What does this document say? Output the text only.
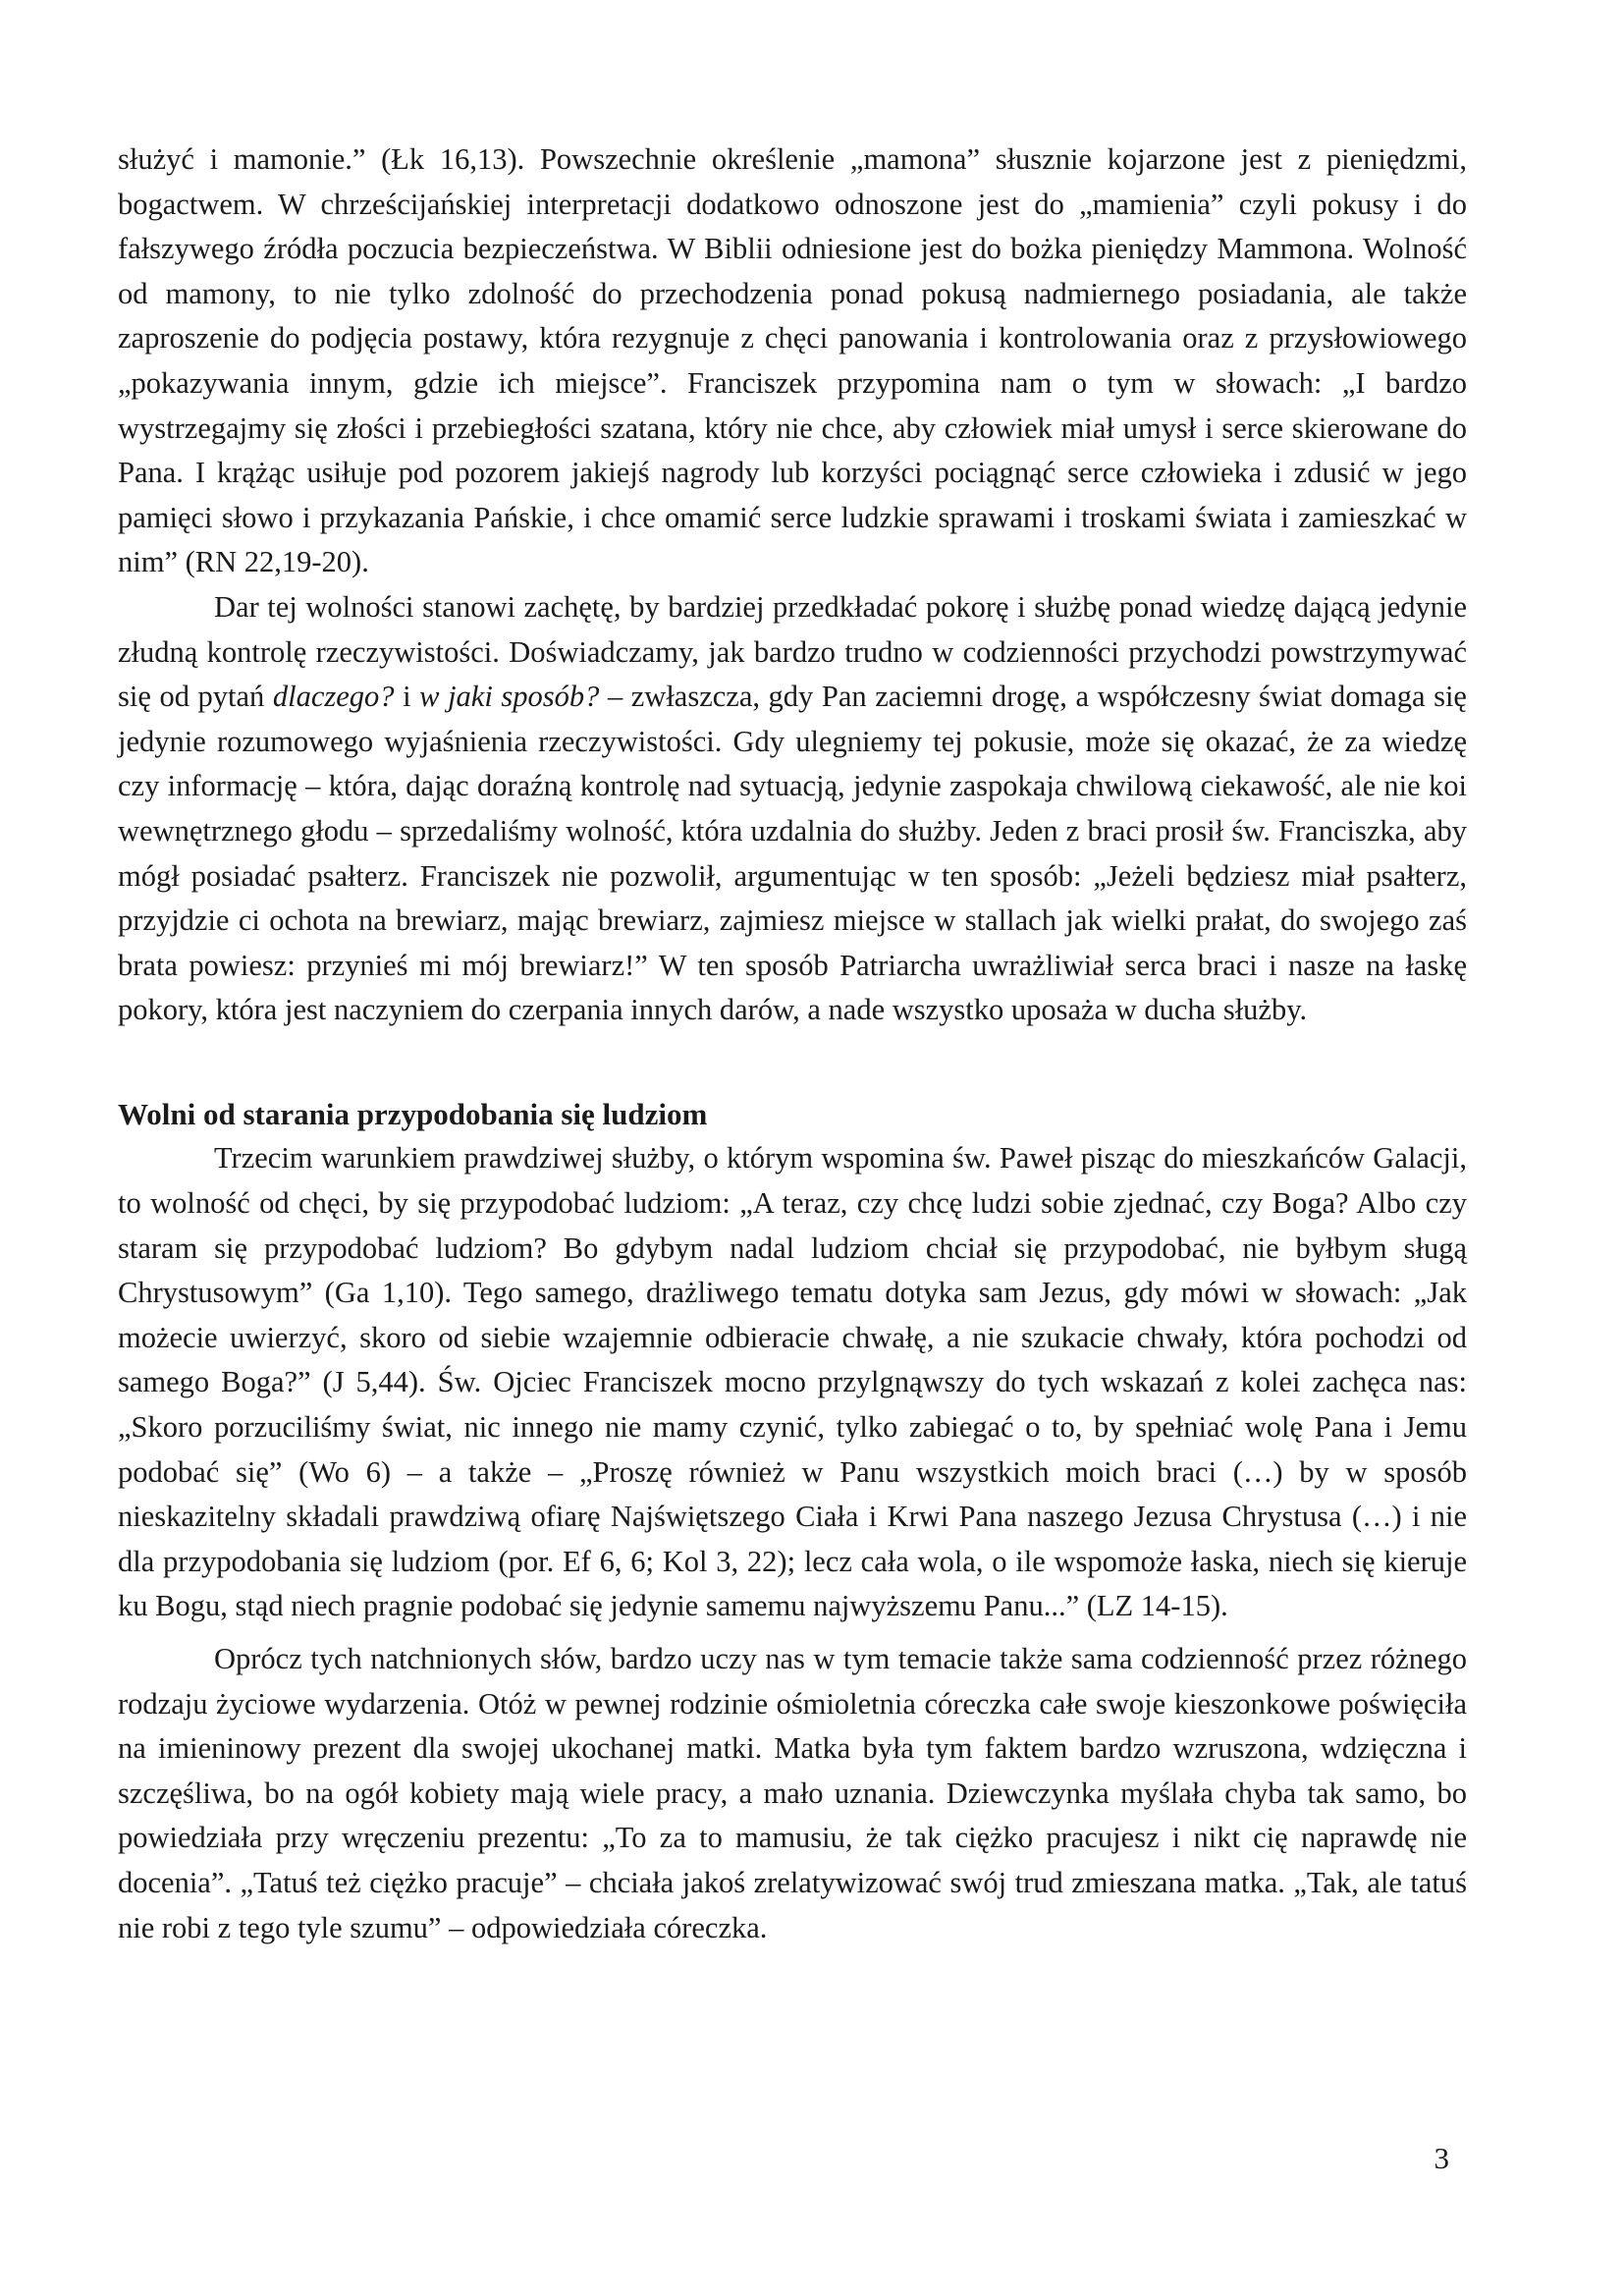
służyć i mamonie.” (Łk 16,13). Powszechnie określenie „mamona” słusznie kojarzone jest z pieniędzmi, bogactwem. W chrześcijańskiej interpretacji dodatkowo odnoszone jest do „mamienia” czyli pokusy i do fałszywego źródła poczucia bezpieczeństwa. W Biblii odniesione jest do bożka pieniędzy Mammona. Wolność od mamony, to nie tylko zdolność do przechodzenia ponad pokusą nadmiernego posiadania, ale także zaproszenie do podjęcia postawy, która rezygnuje z chęci panowania i kontrolowania oraz z przysłowiowego „pokazywania innym, gdzie ich miejsce”. Franciszek przypomina nam o tym w słowach: „I bardzo wystrzegajmy się złości i przebiegłości szatana, który nie chce, aby człowiek miał umysł i serce skierowane do Pana. I krążąc usiłuje pod pozorem jakiejś nagrody lub korzyści pociągnąć serce człowieka i zdusić w jego pamięci słowo i przykazania Pańskie, i chce omamić serce ludzkie sprawami i troskami świata i zamieszkać w nim” (RN 22,19-20).

Dar tej wolności stanowi zachętę, by bardziej przedkładać pokorę i służbę ponad wiedzę dającą jedynie złudną kontrolę rzeczywistości. Doświadczamy, jak bardzo trudno w codzienności przychodzi powstrzymywać się od pytań dlaczego? i w jaki sposób? – zwłaszcza, gdy Pan zaciemni drogę, a współczesny świat domaga się jedynie rozumowego wyjaśnienia rzeczywistości. Gdy ulegniemy tej pokusie, może się okazać, że za wiedzę czy informację – która, dając doraźną kontrolę nad sytuacją, jedynie zaspokaja chwilową ciekawość, ale nie koi wewnętrznego głodu – sprzedaliśmy wolność, która uzdalnia do służby. Jeden z braci prosił św. Franciszka, aby mógł posiadać psałterz. Franciszek nie pozwolił, argumentując w ten sposób: „Jeżeli będziesz miał psałterz, przyjdzie ci ochota na brewiarz, mając brewiarz, zajmiesz miejsce w stallach jak wielki prałat, do swojego zaś brata powiesz: przynieś mi mój brewiarz!” W ten sposób Patriarcha uwrażliwiał serca braci i nasze na łaskę pokory, która jest naczyniem do czerpania innych darów, a nade wszystko uposaża w ducha służby.

Wolni od starania przypodobania się ludziom

Trzecim warunkiem prawdziwej służby, o którym wspomina św. Paweł pisząc do mieszkańców Galacji, to wolność od chęci, by się przypodobać ludziom: „A teraz, czy chcę ludzi sobie zjednać, czy Boga? Albo czy staram się przypodobać ludziom? Bo gdybym nadal ludziom chciał się przypodobać, nie byłbym sługą Chrystusowym” (Ga 1,10). Tego samego, drażliwego tematu dotyka sam Jezus, gdy mówi w słowach: „Jak możecie uwierzyć, skoro od siebie wzajemnie odbieracie chwałę, a nie szukacie chwały, która pochodzi od samego Boga?” (J 5,44). Św. Ojciec Franciszek mocno przylgnąwszy do tych wskazań z kolei zachęca nas: „Skoro porzuciliśmy świat, nic innego nie mamy czynić, tylko zabiegać o to, by spełniać wolę Pana i Jemu podobać się” (Wo 6) – a także – „Proszę również w Panu wszystkich moich braci (…) by w sposób nieskazitelny składali prawdziwą ofiarę Najświętszego Ciała i Krwi Pana naszego Jezusa Chrystusa (…) i nie dla przypodobania się ludziom (por. Ef 6, 6; Kol 3, 22); lecz cała wola, o ile wspomoże łaska, niech się kieruje ku Bogu, stąd niech pragnie podobać się jedynie samemu najwyższemu Panu...” (LZ 14-15).

Oprócz tych natchnionych słów, bardzo uczy nas w tym temacie także sama codzienność przez różnego rodzaju życiowe wydarzenia. Otóż w pewnej rodzinie ośmioletnia córeczka całe swoje kieszonkowe poświęciła na imieninowy prezent dla swojej ukochanej matki. Matka była tym faktem bardzo wzruszona, wdzięczna i szczęśliwa, bo na ogół kobiety mają wiele pracy, a mało uznania. Dziewczynka myślała chyba tak samo, bo powiedziała przy wręczeniu prezentu: „To za to mamusiu, że tak ciężko pracujesz i nikt cię naprawdę nie docenia”. „Tatuś też ciężko pracuje” – chciała jakoś zrelatywizować swój trud zmieszana matka. „Tak, ale tatuś nie robi z tego tyle szumu” – odpowiedziała córeczka.

3
